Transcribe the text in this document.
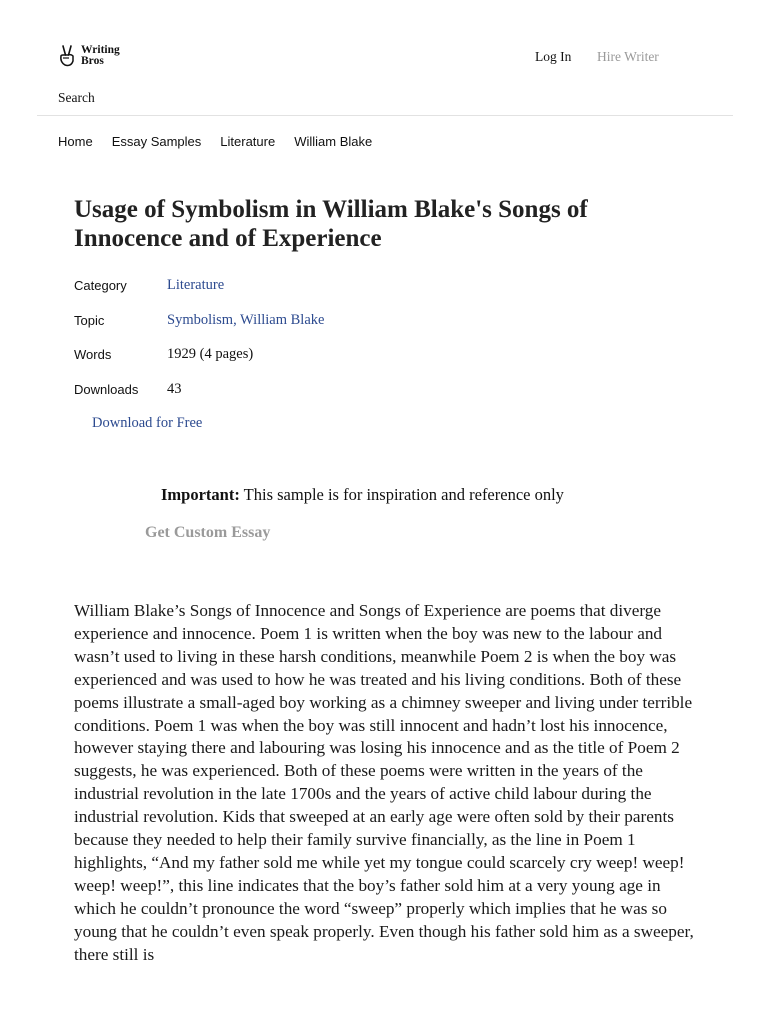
Writing
Bros	Log In Hire Writer
Search
Home Essay Samples Literature William Blake
Usage of Symbolism in William Blake's Songs of Innocence and of Experience
Category	Literature
Topic	Symbolism, William Blake
Words	1929 (4 pages)
Downloads	43
Download for Free
Important: This sample is for inspiration and reference only
Get Custom Essay

William Blake’s Songs of Innocence and Songs of Experience are poems that diverge experience and innocence. Poem 1 is written when the boy was new to the labour and wasn’t used to living in these harsh conditions, meanwhile Poem 2 is when the boy was experienced and was used to how he was treated and his living conditions. Both of these poems illustrate a small-aged boy working as a chimney sweeper and living under terrible conditions. Poem 1 was when the boy was still innocent and hadn’t lost his innocence, however staying there and labouring was losing his innocence and as the title of Poem 2 suggests, he was experienced. Both of these poems were written in the years of the industrial revolution in the late 1700s and the years of active child labour during the industrial revolution. Kids that sweeped at an early age were often sold by their parents because they needed to help their family survive financially, as the line in Poem 1 highlights, “And my father sold me while yet my tongue could scarcely cry weep! weep! weep! weep!”, this line indicates that the boy’s father sold him at a very young age in which he couldn’t pronounce the word “sweep” properly which implies that he was so young that he couldn’t even speak properly. Even though his father sold him as a sweeper, there still is
